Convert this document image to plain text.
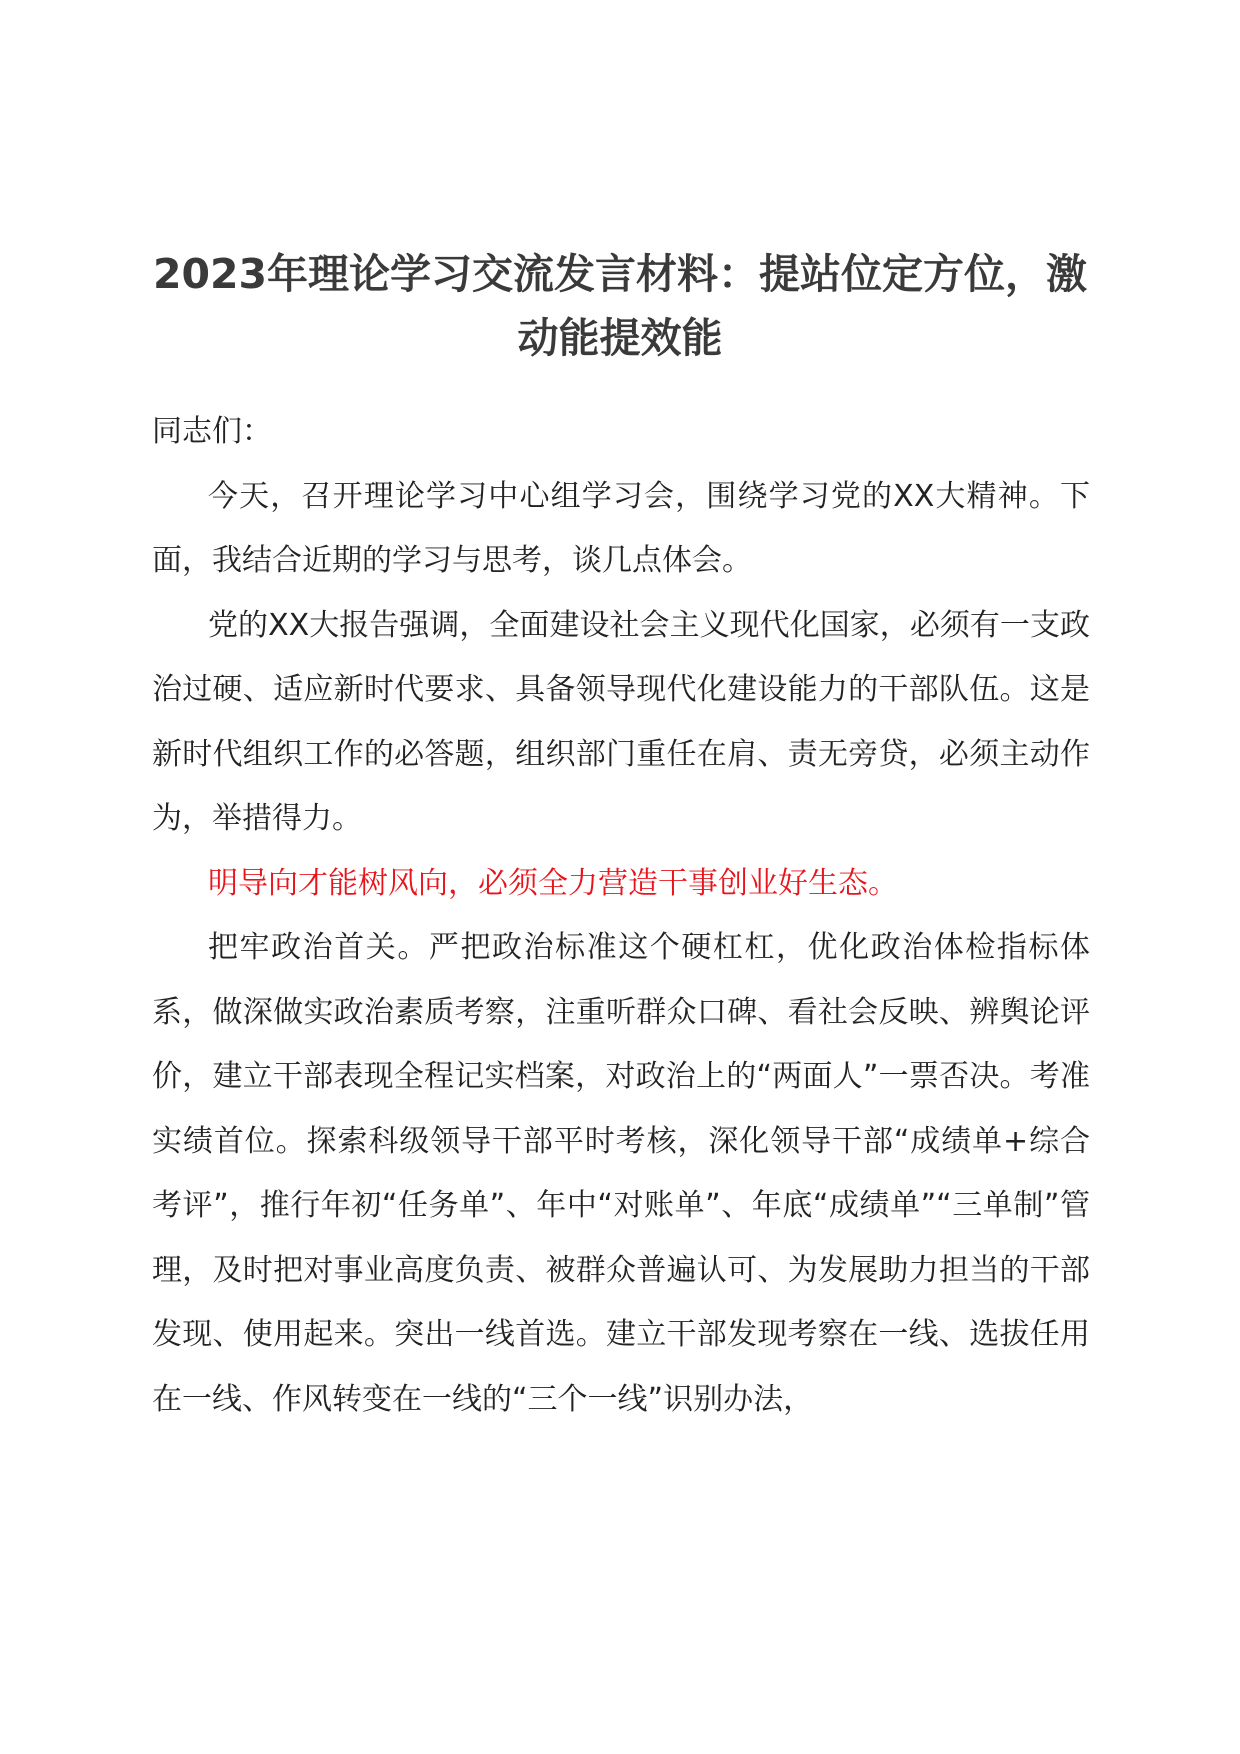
2023年理论学习交流发言材料：提站位定方位，激动能提效能

同志们：

今天，召开理论学习中心组学习会，围绕学习党的XX大精神。下面，我结合近期的学习与思考，谈几点体会。

党的XX大报告强调，全面建设社会主义现代化国家，必须有一支政治过硬、适应新时代要求、具备领导现代化建设能力的干部队伍。这是新时代组织工作的必答题，组织部门重任在肩、责无旁贷，必须主动作为，举措得力。

明导向才能树风向，必须全力营造干事创业好生态。

把牢政治首关。严把政治标准这个硬杠杠，优化政治体检指标体系，做深做实政治素质考察，注重听群众口碑、看社会反映、辨舆论评价，建立干部表现全程记实档案，对政治上的“两面人”一票否决。考准实绩首位。探索科级领导干部平时考核，深化领导干部“成绩单+综合考评”，推行年初“任务单”、年中“对账单”、年底“成绩单”“三单制”管理，及时把对事业高度负责、被群众普遍认可、为发展助力担当的干部发现、使用起来。突出一线首选。建立干部发现考察在一线、选拔任用在一线、作风转变在一线的“三个一线”识别办法，
